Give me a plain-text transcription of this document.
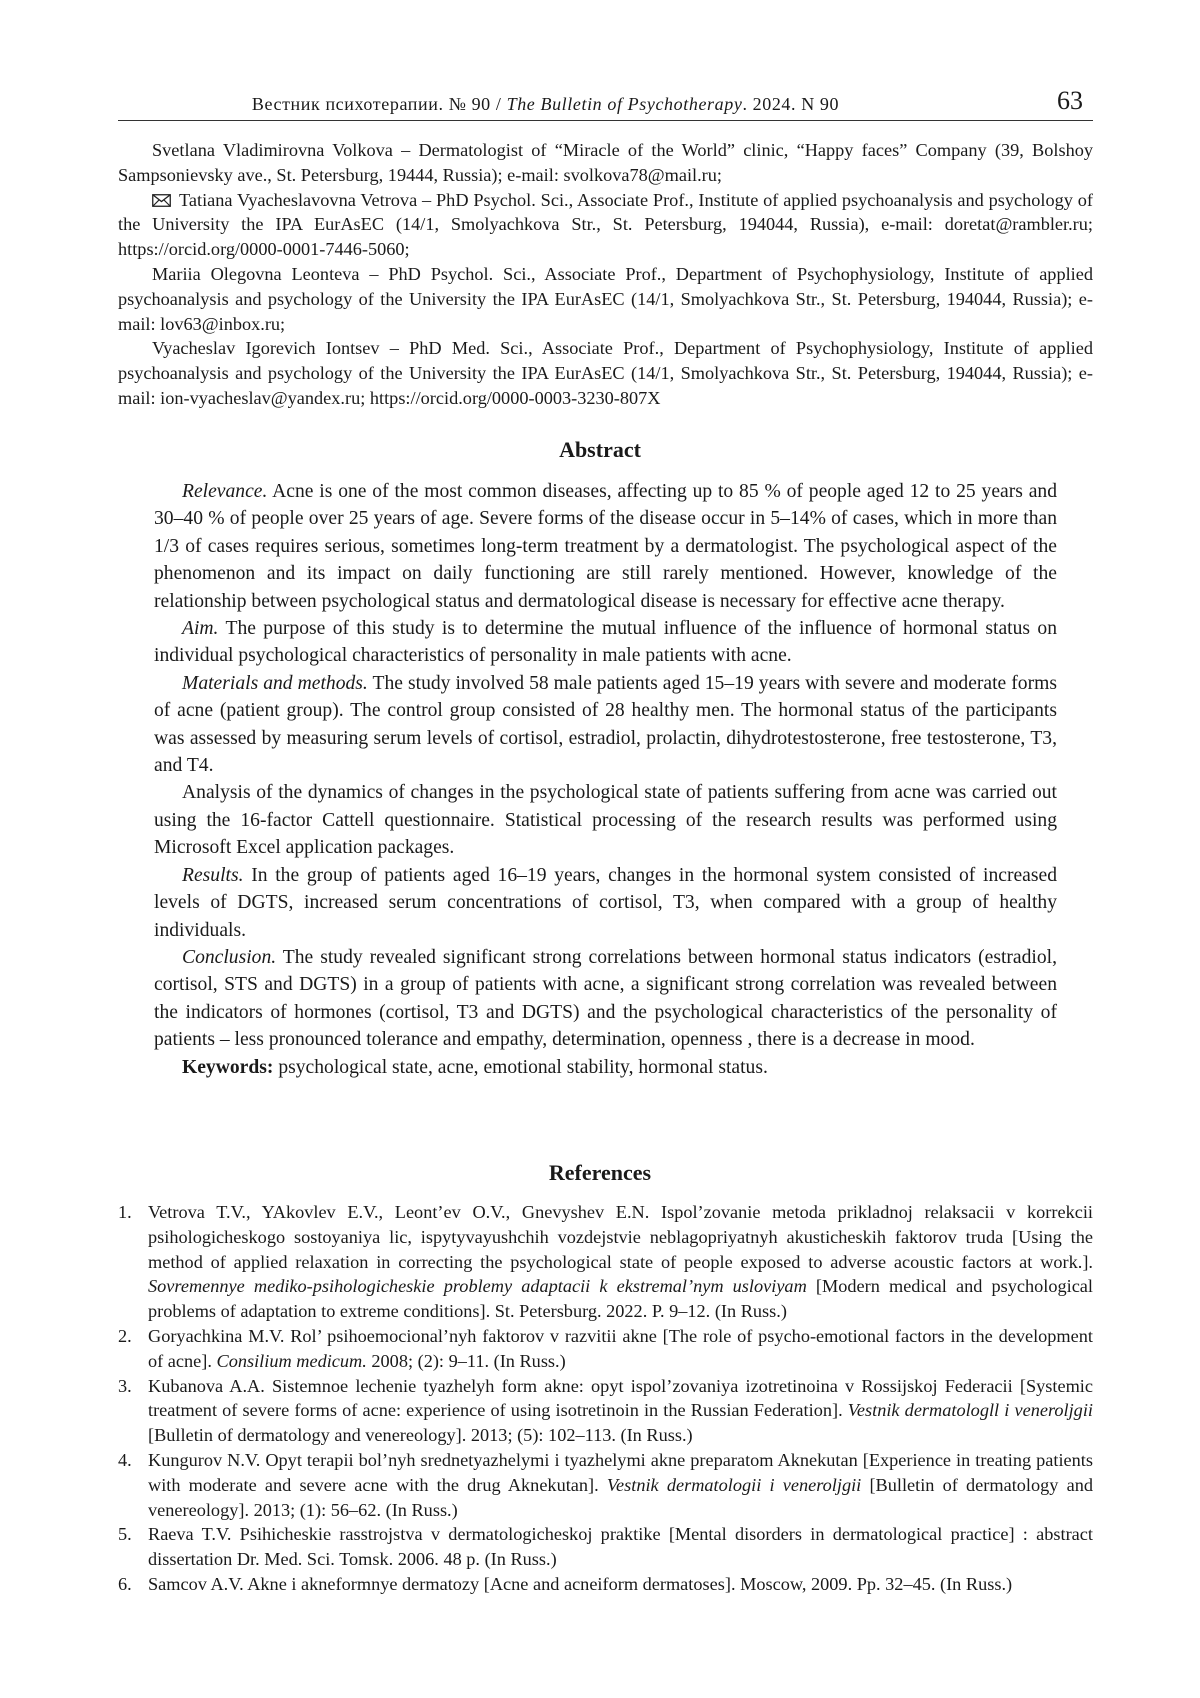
Вестник психотерапии. № 90 / The Bulletin of Psychotherapy. 2024. N 90	63

Svetlana Vladimirovna Volkova – Dermatologist of “Miracle of the World” clinic, “Happy faces” Company (39, Bolshoy Sampsonievsky ave., St. Petersburg, 19444, Russia); e-mail: svolkova78@mail.ru;

Tatiana Vyacheslavovna Vetrova – PhD Psychol. Sci., Associate Prof., Institute of applied psychoanalysis and psychology of the University the IPA EurAsEC (14/1, Smolyachkova Str., St. Petersburg, 194044, Russia), e-mail: doretat@rambler.ru; https://orcid.org/0000-0001-7446-5060;

Mariia Olegovna Leonteva – PhD Psychol. Sci., Associate Prof., Department of Psychophysiology, Institute of applied psychoanalysis and psychology of the University the IPA EurAsEC (14/1, Smolyachkova Str., St. Petersburg, 194044, Russia); e-mail: lov63@inbox.ru;

Vyacheslav Igorevich Iontsev – PhD Med. Sci., Associate Prof., Department of Psychophysiology, Institute of applied psychoanalysis and psychology of the University the IPA EurAsEC (14/1, Smolyachkova Str., St. Petersburg, 194044, Russia); e-mail: ion-vyacheslav@yandex.ru; https://orcid.org/0000-0003-3230-807X

Abstract

Relevance. Acne is one of the most common diseases, affecting up to 85 % of people aged 12 to 25 years and 30–40 % of people over 25 years of age. Severe forms of the disease occur in 5–14% of cases, which in more than 1/3 of cases requires serious, sometimes long-term treatment by a dermatologist. The psychological aspect of the phenomenon and its impact on daily functioning are still rarely mentioned. However, knowledge of the relationship between psychological status and dermatological disease is necessary for effective acne therapy.

Aim. The purpose of this study is to determine the mutual influence of the influence of hormonal status on individual psychological characteristics of personality in male patients with acne.

Materials and methods. The study involved 58 male patients aged 15–19 years with severe and moderate forms of acne (patient group). The control group consisted of 28 healthy men. The hormonal status of the participants was assessed by measuring serum levels of cortisol, estradiol, prolactin, dihydrotestosterone, free testosterone, T3, and T4.

Analysis of the dynamics of changes in the psychological state of patients suffering from acne was carried out using the 16-factor Cattell questionnaire. Statistical processing of the research results was performed using Microsoft Excel application packages.

Results. In the group of patients aged 16–19 years, changes in the hormonal system consisted of increased levels of DGTS, increased serum concentrations of cortisol, T3, when compared with a group of healthy individuals.

Conclusion. The study revealed significant strong correlations between hormonal status indicators (estradiol, cortisol, STS and DGTS) in a group of patients with acne, a significant strong correlation was revealed between the indicators of hormones (cortisol, T3 and DGTS) and the psychological characteristics of the personality of patients – less pronounced tolerance and empathy, determination, openness , there is a decrease in mood.

Keywords: psychological state, acne, emotional stability, hormonal status.

References
1. Vetrova T.V., YAkovlev E.V., Leont’ev O.V., Gnevyshev E.N. Ispol’zovanie metoda prikladnoj relaksacii v korrekcii psihologicheskogo sostoyaniya lic, ispytyvayushchih vozdejstvie neblagopriyatnyh akusticheskih faktorov truda [Using the method of applied relaxation in correcting the psychological state of people exposed to adverse acoustic factors at work.]. Sovremennye mediko-psihologicheskie problemy adaptacii k ekstremal’nym usloviyam [Modern medical and psychological problems of adaptation to extreme conditions]. St. Petersburg. 2022. P. 9–12. (In Russ.)
2. Goryachkina M.V. Rol’ psihoemocional’nyh faktorov v razvitii akne [The role of psycho-emotional factors in the development of acne]. Consilium medicum. 2008; (2): 9–11. (In Russ.)
3. Kubanova A.A. Sistemnoe lechenie tyazhelyh form akne: opyt ispol’zovaniya izotretinoina v Rossijskoj Federacii [Systemic treatment of severe forms of acne: experience of using isotretinoin in the Russian Federation]. Vestnik dermatologll i veneroljgii [Bulletin of dermatology and venereology]. 2013; (5): 102–113. (In Russ.)
4. Kungurov N.V. Opyt terapii bol’nyh srednetyazhelymi i tyazhelymi akne preparatom Aknekutan [Experience in treating patients with moderate and severe acne with the drug Aknekutan]. Vestnik dermatologii i veneroljgii [Bulletin of dermatology and venereology]. 2013; (1): 56–62. (In Russ.)
5. Raeva T.V. Psihicheskie rasstrojstva v dermatologicheskoj praktike [Mental disorders in dermatological practice] : abstract dissertation Dr. Med. Sci. Tomsk. 2006. 48 p. (In Russ.)
6. Samcov A.V. Akne i akneformnye dermatozy [Acne and acneiform dermatoses]. Moscow, 2009. Pp. 32–45. (In Russ.)
